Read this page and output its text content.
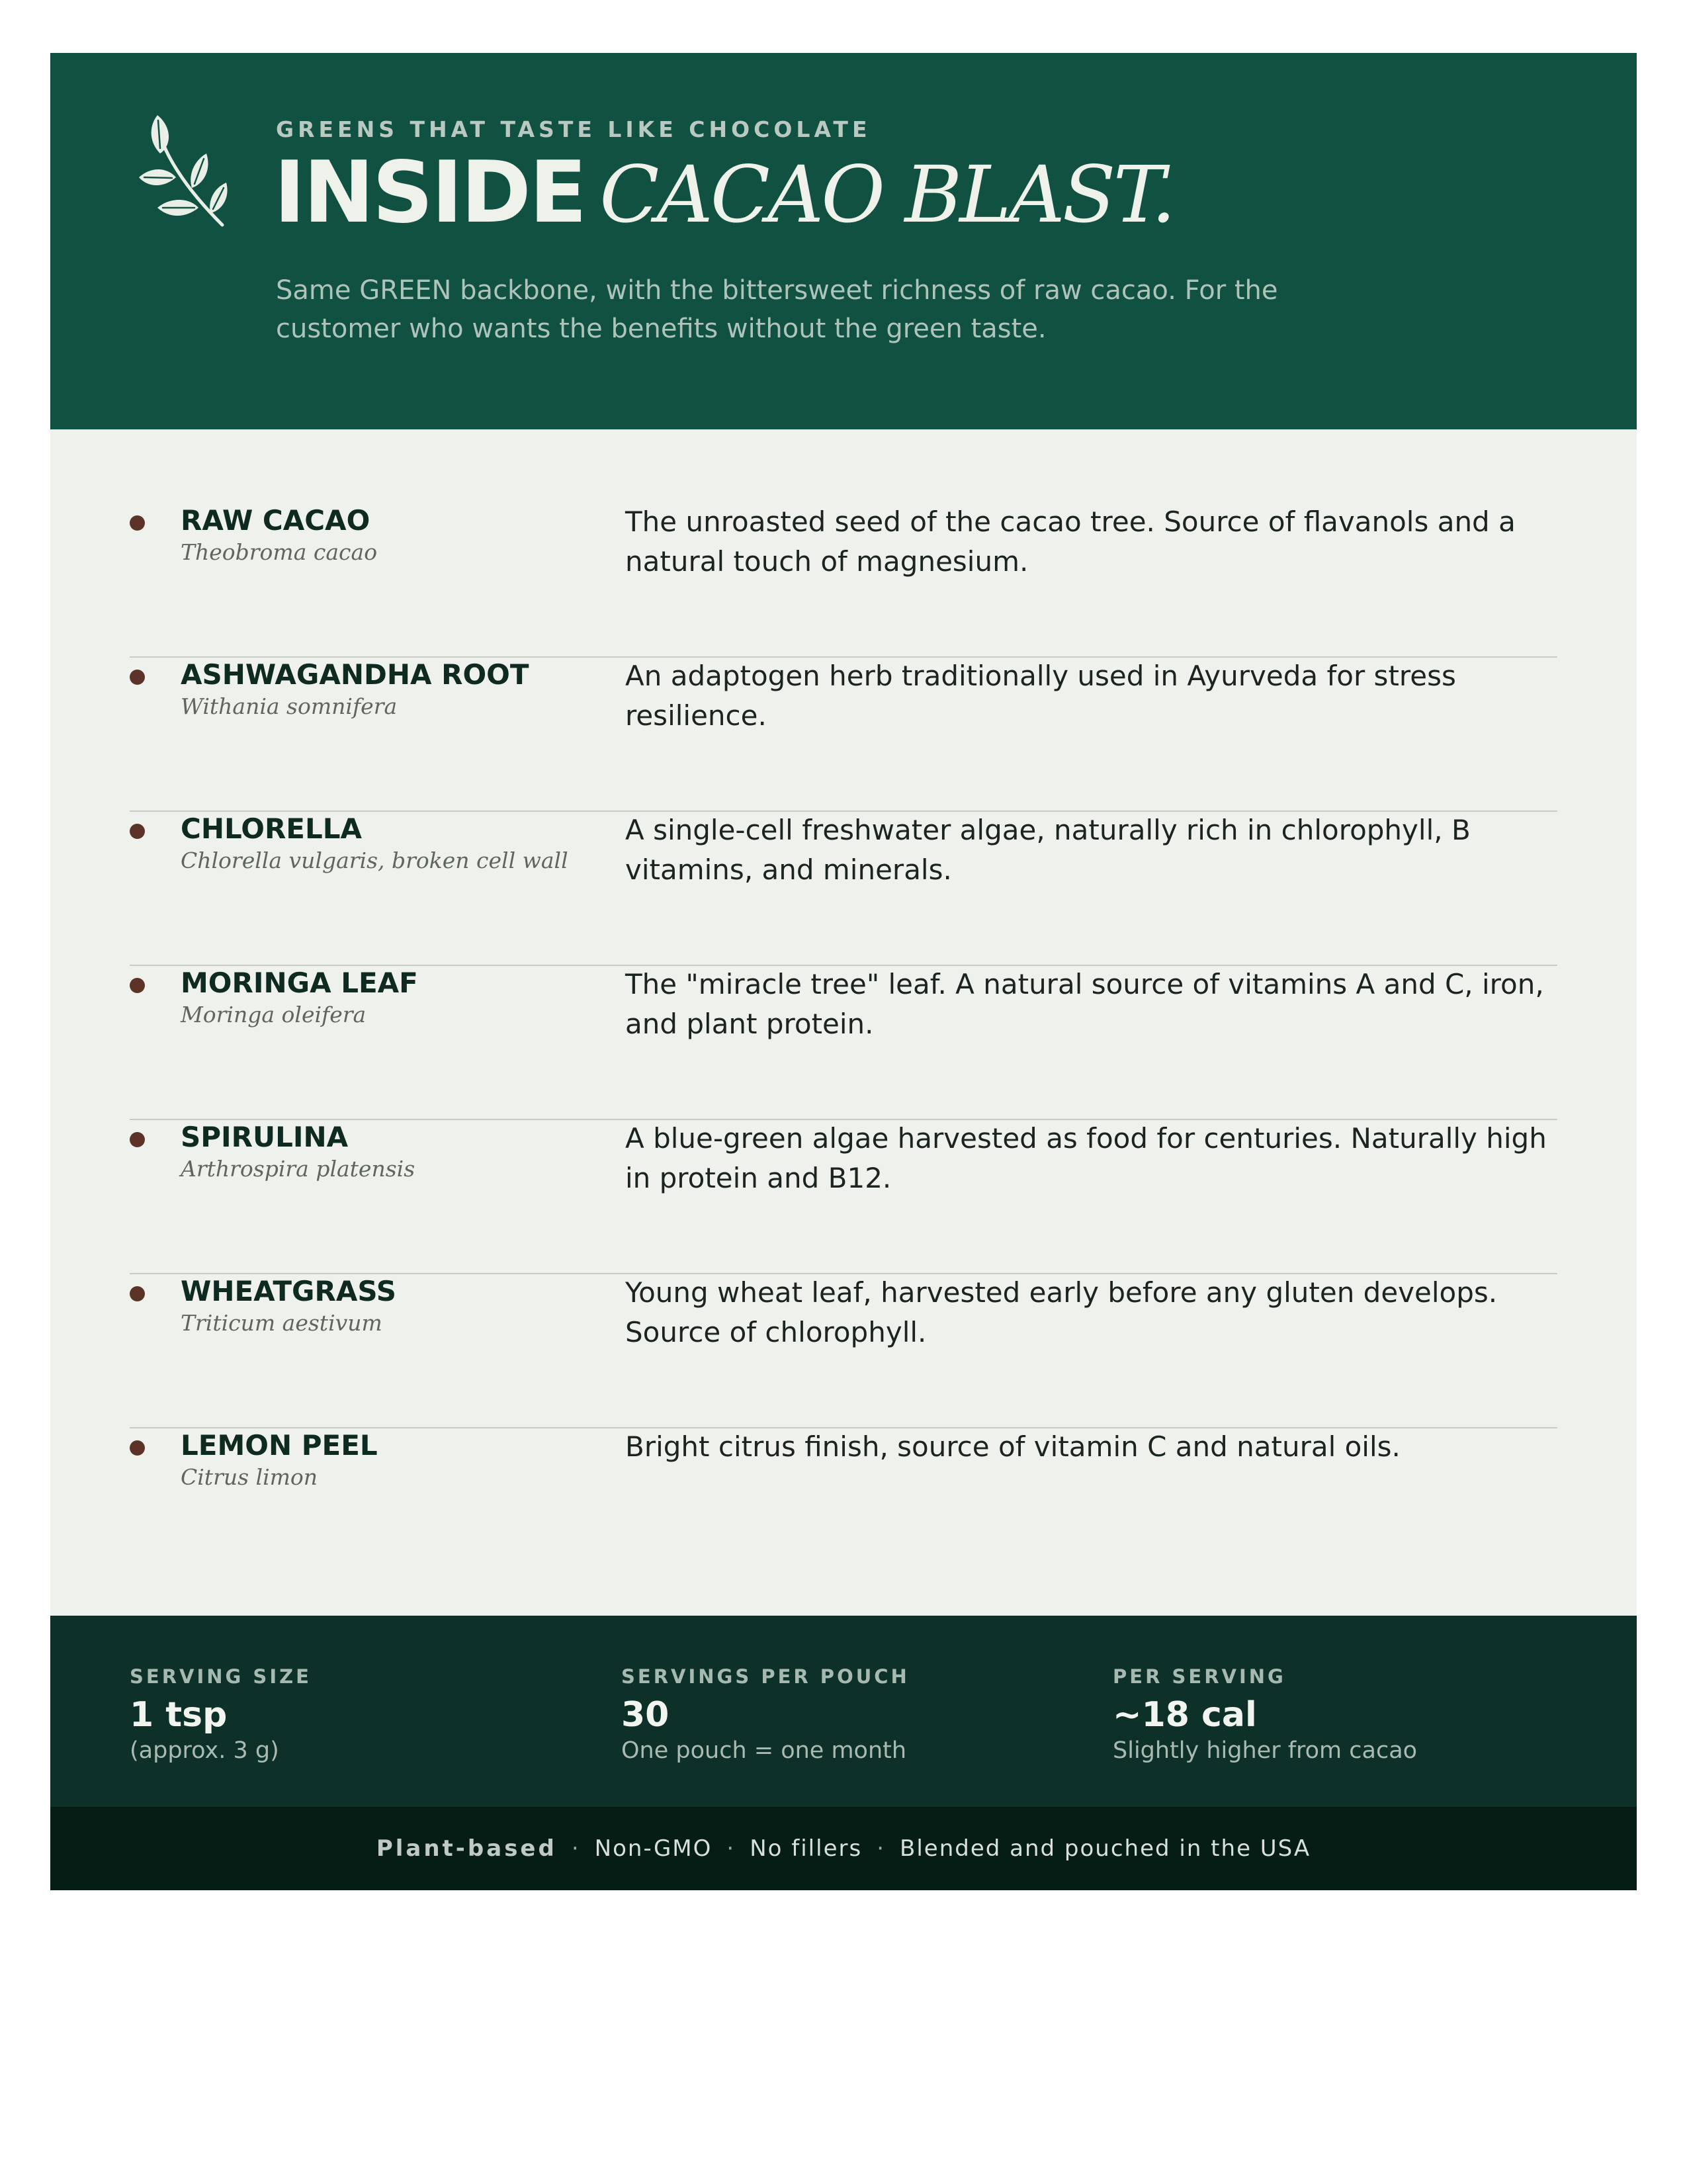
GREENS THAT TASTE LIKE CHOCOLATE
INSIDE CACAO BLAST.
Same GREEN backbone, with the bittersweet richness of raw cacao. For the customer who wants the benefits without the green taste.
RAW CACAO
Theobroma cacao
The unroasted seed of the cacao tree. Source of flavanols and a natural touch of magnesium.
ASHWAGANDHA ROOT
Withania somnifera
An adaptogen herb traditionally used in Ayurveda for stress resilience.
CHLORELLA
Chlorella vulgaris, broken cell wall
A single-cell freshwater algae, naturally rich in chlorophyll, B vitamins, and minerals.
MORINGA LEAF
Moringa oleifera
The "miracle tree" leaf. A natural source of vitamins A and C, iron, and plant protein.
SPIRULINA
Arthrospira platensis
A blue-green algae harvested as food for centuries. Naturally high in protein and B12.
WHEATGRASS
Triticum aestivum
Young wheat leaf, harvested early before any gluten develops. Source of chlorophyll.
LEMON PEEL
Citrus limon
Bright citrus finish, source of vitamin C and natural oils.
SERVING SIZE
1 tsp
(approx. 3 g)
SERVINGS PER POUCH
30
One pouch = one month
PER SERVING
~18 cal
Slightly higher from cacao
Plant-based · Non-GMO · No fillers · Blended and pouched in the USA
